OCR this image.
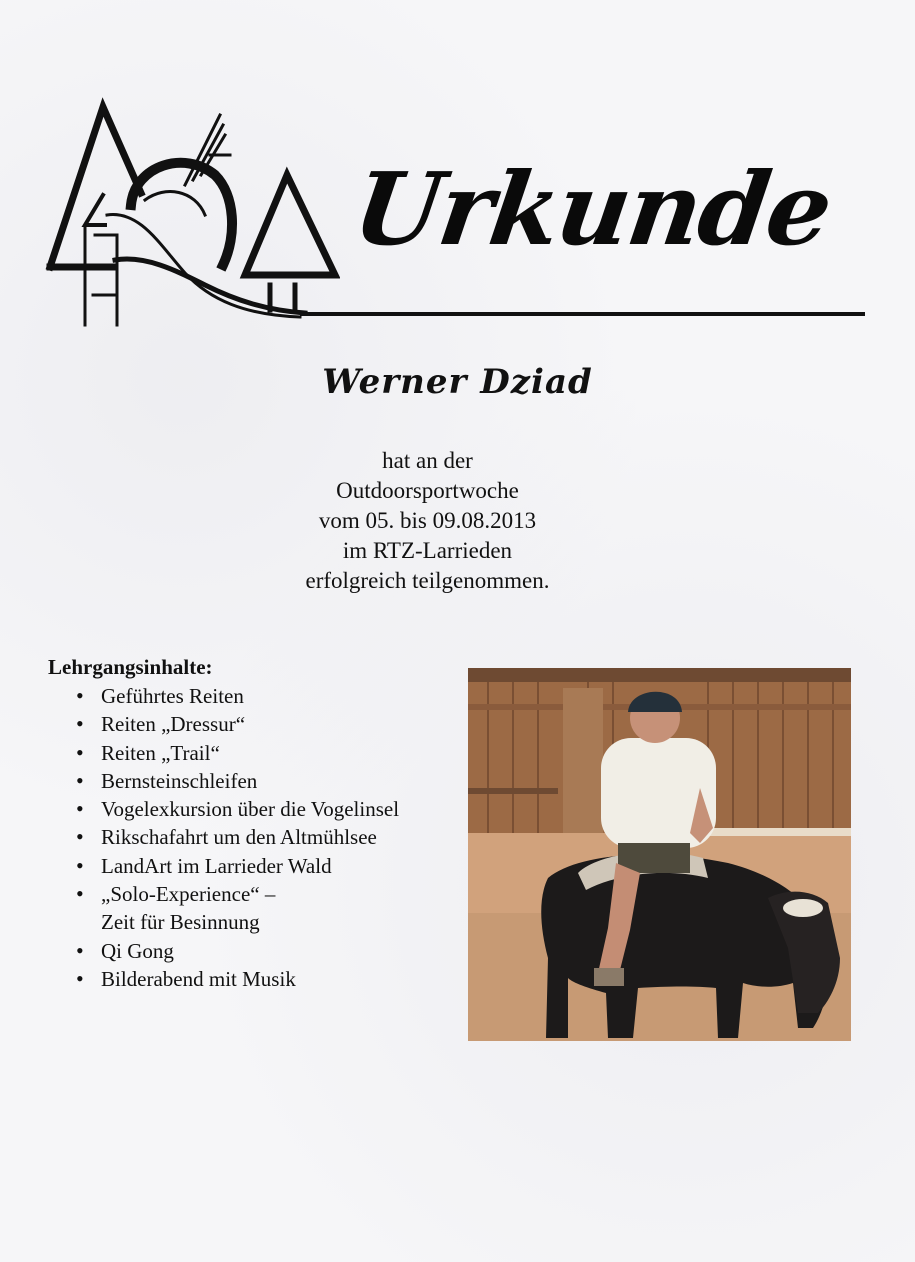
Urkunde
Werner Dziad
hat an der
Outdoorsportwoche
vom 05. bis 09.08.2013
im RTZ-Larrieden
erfolgreich teilgenommen.
Lehrgangsinhalte:
• Geführtes Reiten
• Reiten „Dressur“
• Reiten „Trail“
• Bernsteinschleifen
• Vogelexkursion über die Vogelinsel
• Rikschafahrt um den Altmühlsee
• LandArt im Larrieder Wald
• „Solo-Experience“ –
Zeit für Besinnung
• Qi Gong
• Bilderabend mit Musik
